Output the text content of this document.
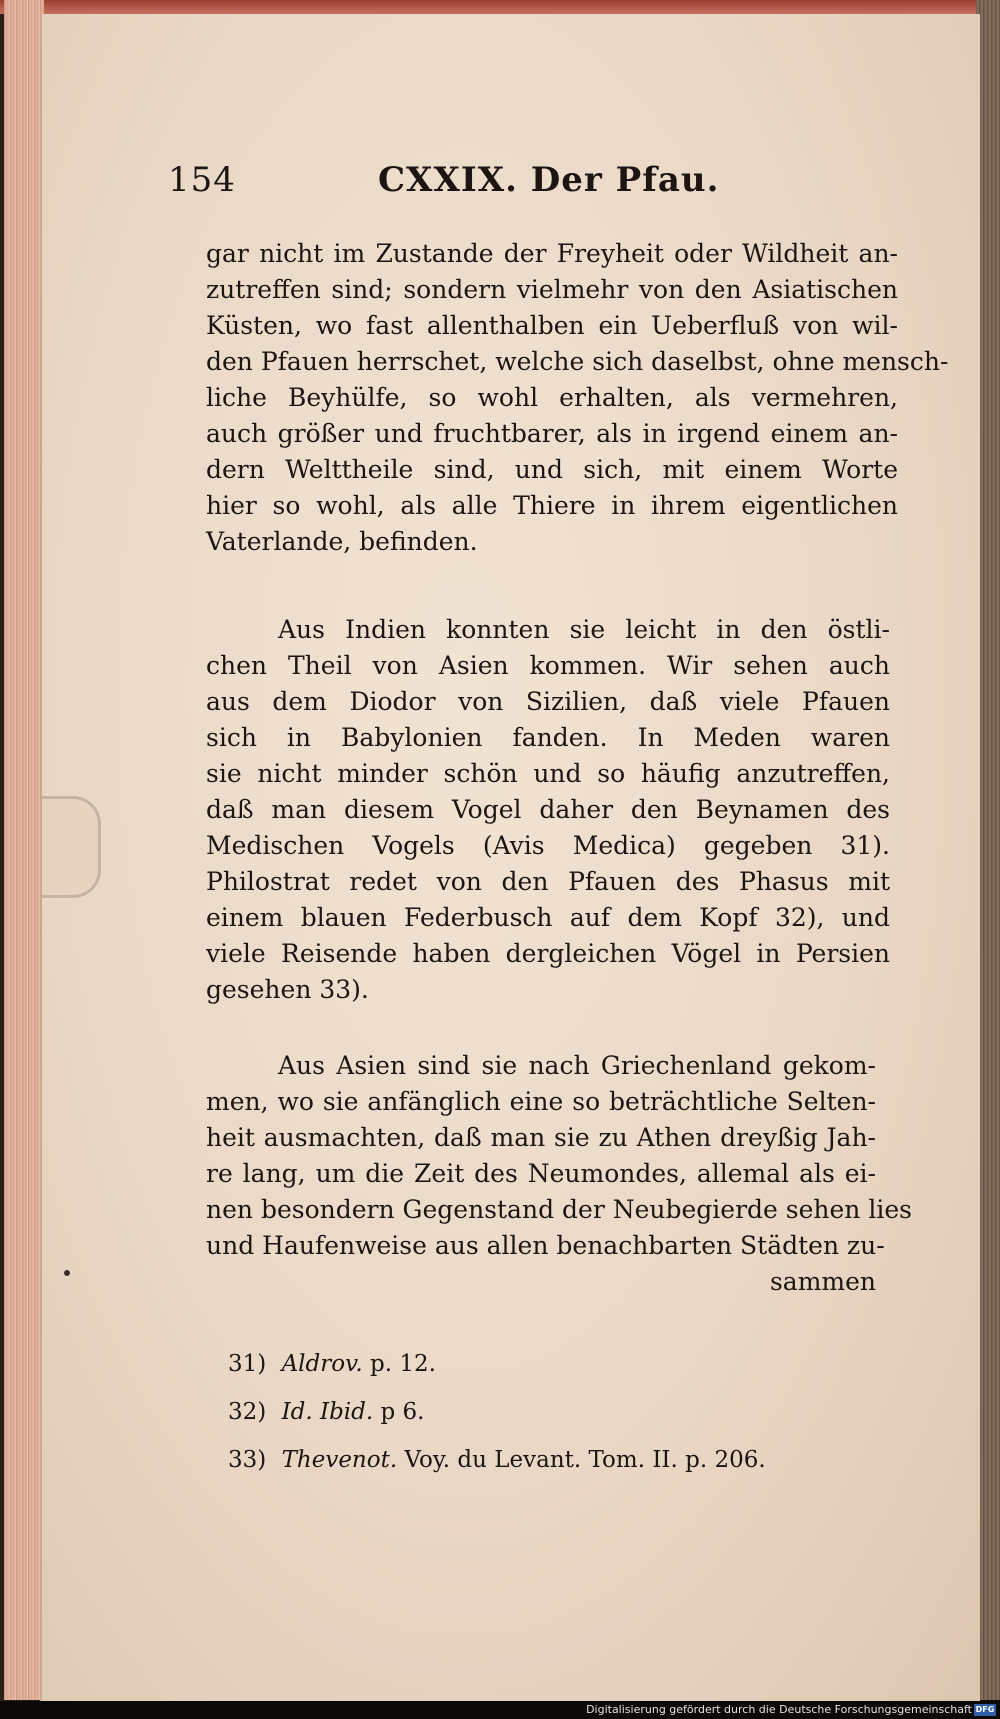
154	CXXIX. Der Pfau.
gar nicht im Zustande der Freyheit oder Wildheit an-
zutreffen sind; sondern vielmehr von den Asiatischen
Küsten, wo fast allenthalben ein Ueberfluß von wil-
den Pfauen herrschet, welche sich daselbst, ohne mensch-
liche Beyhülfe, so wohl erhalten, als vermehren,
auch größer und fruchtbarer, als in irgend einem an-
dern Welttheile sind, und sich, mit einem Worte
hier so wohl, als alle Thiere in ihrem eigentlichen
Vaterlande, befinden.
Aus Indien konnten sie leicht in den östli-
chen Theil von Asien kommen. Wir sehen auch
aus dem Diodor von Sizilien, daß viele Pfauen
sich in Babylonien fanden. In Meden waren
sie nicht minder schön und so häufig anzutreffen,
daß man diesem Vogel daher den Beynamen des
Medischen Vogels (Avis Medica) gegeben 31).
Philostrat redet von den Pfauen des Phasus mit
einem blauen Federbusch auf dem Kopf 32), und
viele Reisende haben dergleichen Vögel in Persien
gesehen 33).
Aus Asien sind sie nach Griechenland gekom-
men, wo sie anfänglich eine so beträchtliche Selten-
heit ausmachten, daß man sie zu Athen dreyßig Jah-
re lang, um die Zeit des Neumondes, allemal als ei-
nen besondern Gegenstand der Neubegierde sehen lies
und Haufenweise aus allen benachbarten Städten zu-
sammen
31) Aldrov. p. 12.
32) Id. Ibid. p 6.
33) Thevenot. Voy. du Levant. Tom. II. p. 206.
Digitalisierung gefördert durch die Deutsche Forschungsgemeinschaft DFG
